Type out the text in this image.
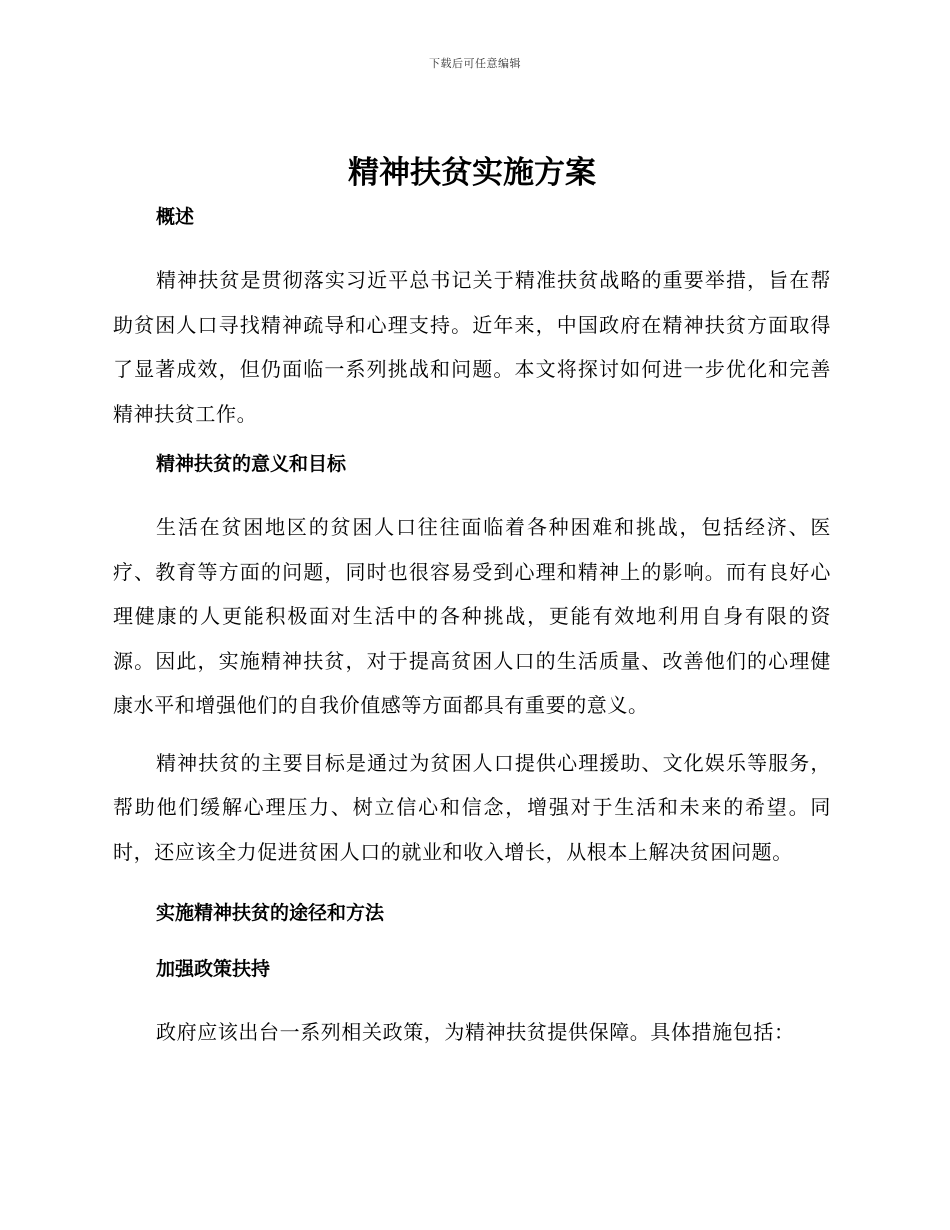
下载后可任意编辑
精神扶贫实施方案
概述

精神扶贫是贯彻落实习近平总书记关于精准扶贫战略的重要举措，旨在帮助贫困人口寻找精神疏导和心理支持。近年来，中国政府在精神扶贫方面取得了显著成效，但仍面临一系列挑战和问题。本文将探讨如何进一步优化和完善精神扶贫工作。

精神扶贫的意义和目标

生活在贫困地区的贫困人口往往面临着各种困难和挑战，包括经济、医疗、教育等方面的问题，同时也很容易受到心理和精神上的影响。而有良好心理健康的人更能积极面对生活中的各种挑战，更能有效地利用自身有限的资源。因此，实施精神扶贫，对于提高贫困人口的生活质量、改善他们的心理健康水平和增强他们的自我价值感等方面都具有重要的意义。

精神扶贫的主要目标是通过为贫困人口提供心理援助、文化娱乐等服务，帮助他们缓解心理压力、树立信心和信念，增强对于生活和未来的希望。同时，还应该全力促进贫困人口的就业和收入增长，从根本上解决贫困问题。

实施精神扶贫的途径和方法
加强政策扶持

政府应该出台一系列相关政策，为精神扶贫提供保障。具体措施包括：
